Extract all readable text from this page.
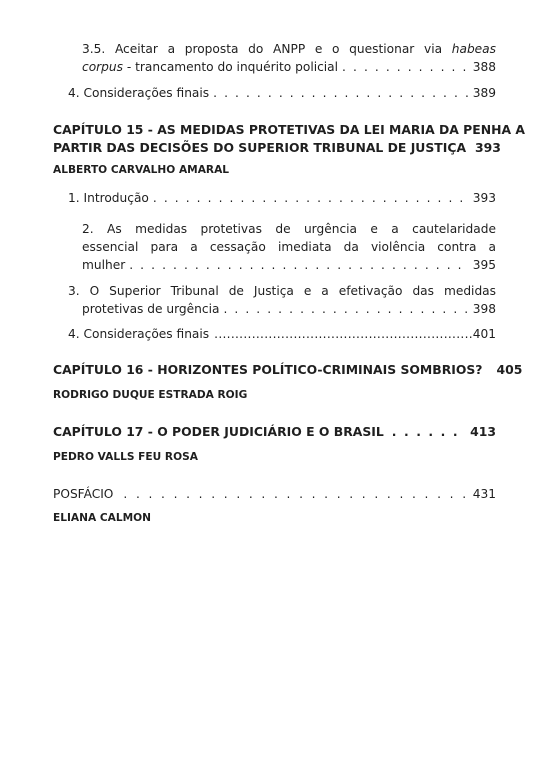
3.5. Aceitar a proposta do ANPP e o questionar via habeas
corpus - trancamento do inquérito policial . . .	388
4. Considerações finais . . .	389
CAPÍTULO 15 - AS MEDIDAS PROTETIVAS DA LEI MARIA DA PENHA A
PARTIR DAS DECISÕES DO SUPERIOR TRIBUNAL DE JUSTIÇA 393
ALBERTO CARVALHO AMARAL
1. Introdução . . .	393
2. As medidas protetivas de urgência e a cautelaridade
essencial para a cessação imediata da violência contra a
mulher . . .	395
3. O Superior Tribunal de Justiça e a efetivação das medidas
protetivas de urgência . . .	398
4. Considerações finais .....	401
CAPÍTULO 16 - HORIZONTES POLÍTICO-CRIMINAIS SOMBRIOS? 405
RODRIGO DUQUE ESTRADA ROIG
CAPÍTULO 17 - O PODER JUDICIÁRIO E O BRASIL . . .	413
PEDRO VALLS FEU ROSA
POSFÁCIO . . .	431
ELIANA CALMON
